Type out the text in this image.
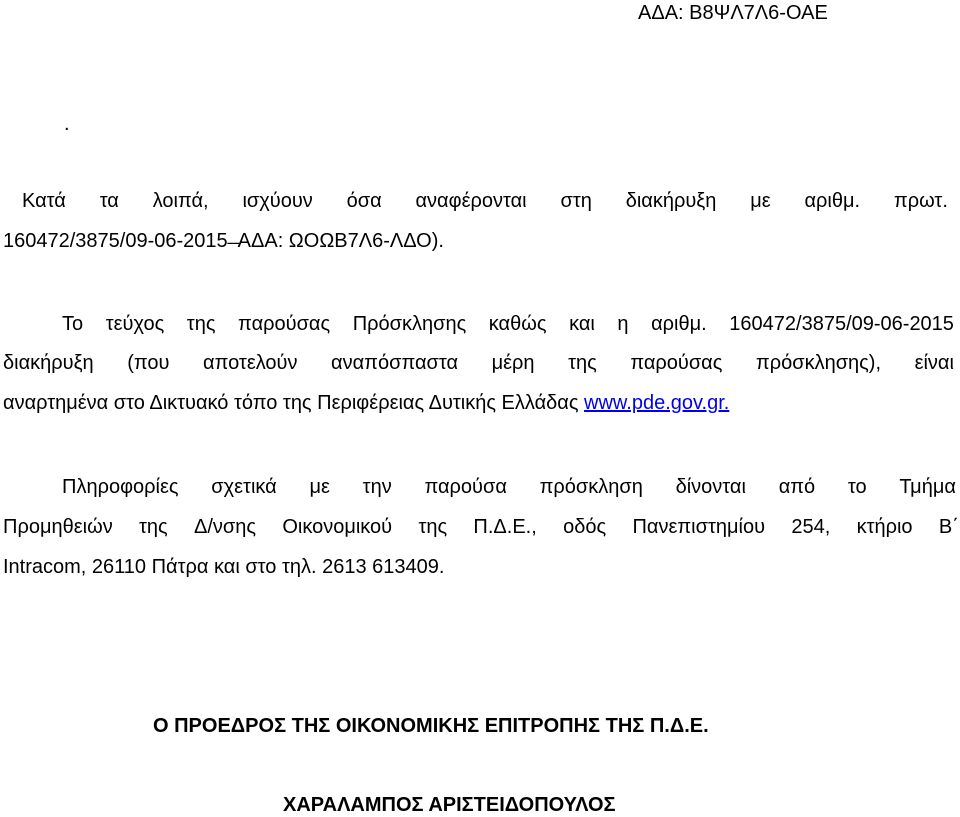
ΑΔΑ: Β8ΨΛ7Λ6-ΟΑΕ
.
Κατά τα λοιπά, ισχύουν όσα αναφέρονται στη διακήρυξη με αριθμ. πρωτ.
160472/3875/09-06-2015 ̶ ΑΔΑ: ΩΟΩΒ7Λ6-ΛΔΟ).
Το τεύχος της παρούσας Πρόσκλησης καθώς και η αριθμ. 160472/3875/09-06-2015
διακήρυξη (που αποτελούν αναπόσπαστα μέρη της παρούσας πρόσκλησης), είναι
αναρτημένα στο Δικτυακό τόπο της Περιφέρειας Δυτικής Ελλάδας www.pde.gov.gr.
Πληροφορίες σχετικά με την παρούσα πρόσκληση δίνονται από το Τμήμα
Προμηθειών της Δ/νσης Οικονομικού της Π.Δ.Ε., οδός Πανεπιστημίου 254, κτήριο Β΄
Intracom, 26110 Πάτρα και στο τηλ. 2613 613409.
Ο ΠΡΟΕΔΡΟΣ ΤΗΣ ΟΙΚΟΝΟΜΙΚΗΣ ΕΠΙΤΡΟΠΗΣ ΤΗΣ Π.Δ.Ε.
ΧΑΡΑΛΑΜΠΟΣ ΑΡΙΣΤΕΙΔΟΠΟΥΛΟΣ
